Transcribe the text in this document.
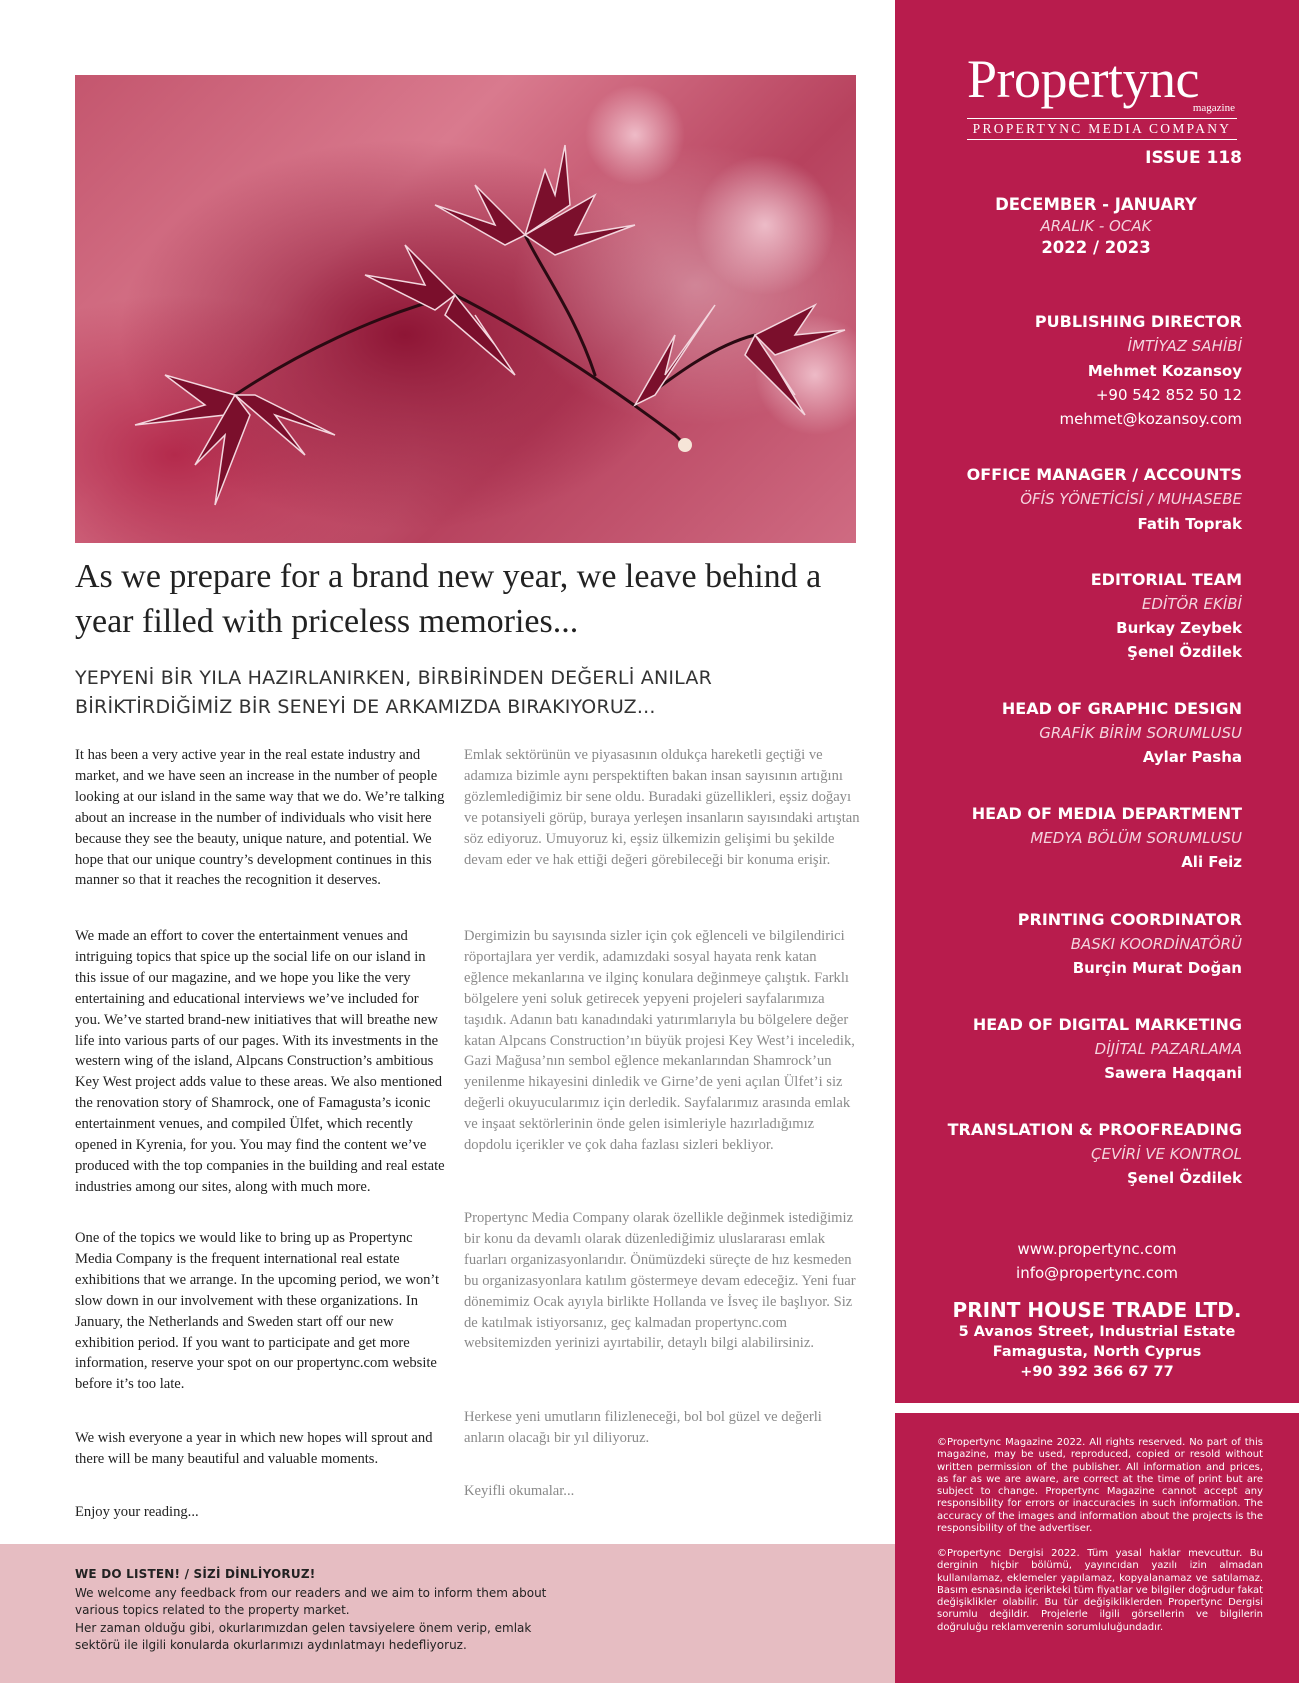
As we prepare for a brand new year, we leave behind a year filled with priceless memories...
YEPYENİ BİR YILA HAZIRLANIRKEN, BİRBİRİNDEN DEĞERLİ ANILAR
BİRİKTİRDİĞİMİZ BİR SENEYİ DE ARKAMIZDA BIRAKIYORUZ...

It has been a very active year in the real estate industry and market, and we have seen an increase in the number of people looking at our island in the same way that we do. We’re talking about an increase in the number of individuals who visit here because they see the beauty, unique nature, and potential. We hope that our unique country’s development continues in this manner so that it reaches the recognition it deserves.

We made an effort to cover the entertainment venues and intriguing topics that spice up the social life on our island in this issue of our magazine, and we hope you like the very entertaining and educational interviews we’ve included for you. We’ve started brand-new initiatives that will breathe new life into various parts of our pages. With its investments in the western wing of the island, Alpcans Construction’s ambitious Key West project adds value to these areas. We also mentioned the renovation story of Shamrock, one of Famagusta’s iconic entertainment venues, and compiled Ülfet, which recently opened in Kyrenia, for you. You may find the content we’ve produced with the top companies in the building and real estate industries among our sites, along with much more.

One of the topics we would like to bring up as Propertync Media Company is the frequent international real estate exhibitions that we arrange. In the upcoming period, we won’t slow down in our involvement with these organizations. In January, the Netherlands and Sweden start off our new exhibition period. If you want to participate and get more information, reserve your spot on our propertync.com website before it’s too late.

We wish everyone a year in which new hopes will sprout and there will be many beautiful and valuable moments.

Enjoy your reading...

Emlak sektörünün ve piyasasının oldukça hareketli geçtiği ve adamıza bizimle aynı perspektiften bakan insan sayısının artığını gözlemlediğimiz bir sene oldu. Buradaki güzellikleri, eşsiz doğayı ve potansiyeli görüp, buraya yerleşen insanların sayısındaki artıştan söz ediyoruz. Umuyoruz ki, eşsiz ülkemizin gelişimi bu şekilde devam eder ve hak ettiği değeri görebileceği bir konuma erişir.

Dergimizin bu sayısında sizler için çok eğlenceli ve bilgilendirici röportajlara yer verdik, adamızdaki sosyal hayata renk katan eğlence mekanlarına ve ilginç konulara değinmeye çalıştık. Farklı bölgelere yeni soluk getirecek yepyeni projeleri sayfalarımıza taşıdık. Adanın batı kanadındaki yatırımlarıyla bu bölgelere değer katan Alpcans Construction’ın büyük projesi Key West’i inceledik, Gazi Mağusa’nın sembol eğlence mekanlarından Shamrock’un yenilenme hikayesini dinledik ve Girne’de yeni açılan Ülfet’i siz değerli okuyucularımız için derledik. Sayfalarımız arasında emlak ve inşaat sektörlerinin önde gelen isimleriyle hazırladığımız dopdolu içerikler ve çok daha fazlası sizleri bekliyor.

Propertync Media Company olarak özellikle değinmek istediğimiz bir konu da devamlı olarak düzenlediğimiz uluslararası emlak fuarları organizasyonlarıdır. Önümüzdeki süreçte de hız kesmeden bu organizasyonlara katılım göstermeye devam edeceğiz. Yeni fuar dönemimiz Ocak ayıyla birlikte Hollanda ve İsveç ile başlıyor. Siz de katılmak istiyorsanız, geç kalmadan propertync.com websitemizden yerinizi ayırtabilir, detaylı bilgi alabilirsiniz.

Herkese yeni umutların filizleneceği, bol bol güzel ve değerli anların olacağı bir yıl diliyoruz.

Keyifli okumalar...

WE DO LISTEN! / SİZİ DİNLİYORUZ!

We welcome any feedback from our readers and we aim to inform them about

various topics related to the property market.

Her zaman olduğu gibi, okurlarımızdan gelen tavsiyelere önem verip, emlak

sektörü ile ilgili konularda okurlarımızı aydınlatmayı hedefliyoruz.

Propertync

magazine
PROPERTYNC MEDIA COMPANY

ISSUE 118

DECEMBER - JANUARY

ARALIK - OCAK

2022 / 2023

PUBLISHING DIRECTOR

İMTİYAZ SAHİBİ

Mehmet Kozansoy

+90 542 852 50 12

mehmet@kozansoy.com

OFFICE MANAGER / ACCOUNTS

ÖFİS YÖNETİCİSİ / MUHASEBE

Fatih Toprak

EDITORIAL TEAM

EDİTÖR EKİBİ

Burkay Zeybek

Şenel Özdilek

HEAD OF GRAPHIC DESIGN

GRAFİK BİRİM SORUMLUSU

Aylar Pasha

HEAD OF MEDIA DEPARTMENT

MEDYA BÖLÜM SORUMLUSU

Ali Feiz

PRINTING COORDINATOR

BASKI KOORDİNATÖRÜ

Burçin Murat Doğan

HEAD OF DIGITAL MARKETING

DİJİTAL PAZARLAMA

Sawera Haqqani

TRANSLATION & PROOFREADING

ÇEVİRİ VE KONTROL

Şenel Özdilek

www.propertync.com

info@propertync.com

PRINT HOUSE TRADE LTD.

5 Avanos Street, Industrial Estate

Famagusta, North Cyprus

+90 392 366 67 77

©Propertync Magazine 2022. All rights reserved. No part of this magazine, may be used, reproduced, copied or resold without written permission of the publisher. All information and prices, as far as we are aware, are correct at the time of print but are subject to change. Propertync Magazine cannot accept any responsibility for errors or inaccuracies in such information. The accuracy of the images and information about the projects is the responsibility of the advertiser.

©Propertync Dergisi 2022. Tüm yasal haklar mevcuttur. Bu derginin hiçbir bölümü, yayıncıdan yazılı izin almadan kullanılamaz, eklemeler yapılamaz, kopyalanamaz ve satılamaz. Basım esnasında içerikteki tüm fiyatlar ve bilgiler doğrudur fakat değişiklikler olabilir. Bu tür değişikliklerden Propertync Dergisi sorumlu değildir. Projelerle ilgili görsellerin ve bilgilerin doğruluğu reklamverenin sorumluluğundadır.
